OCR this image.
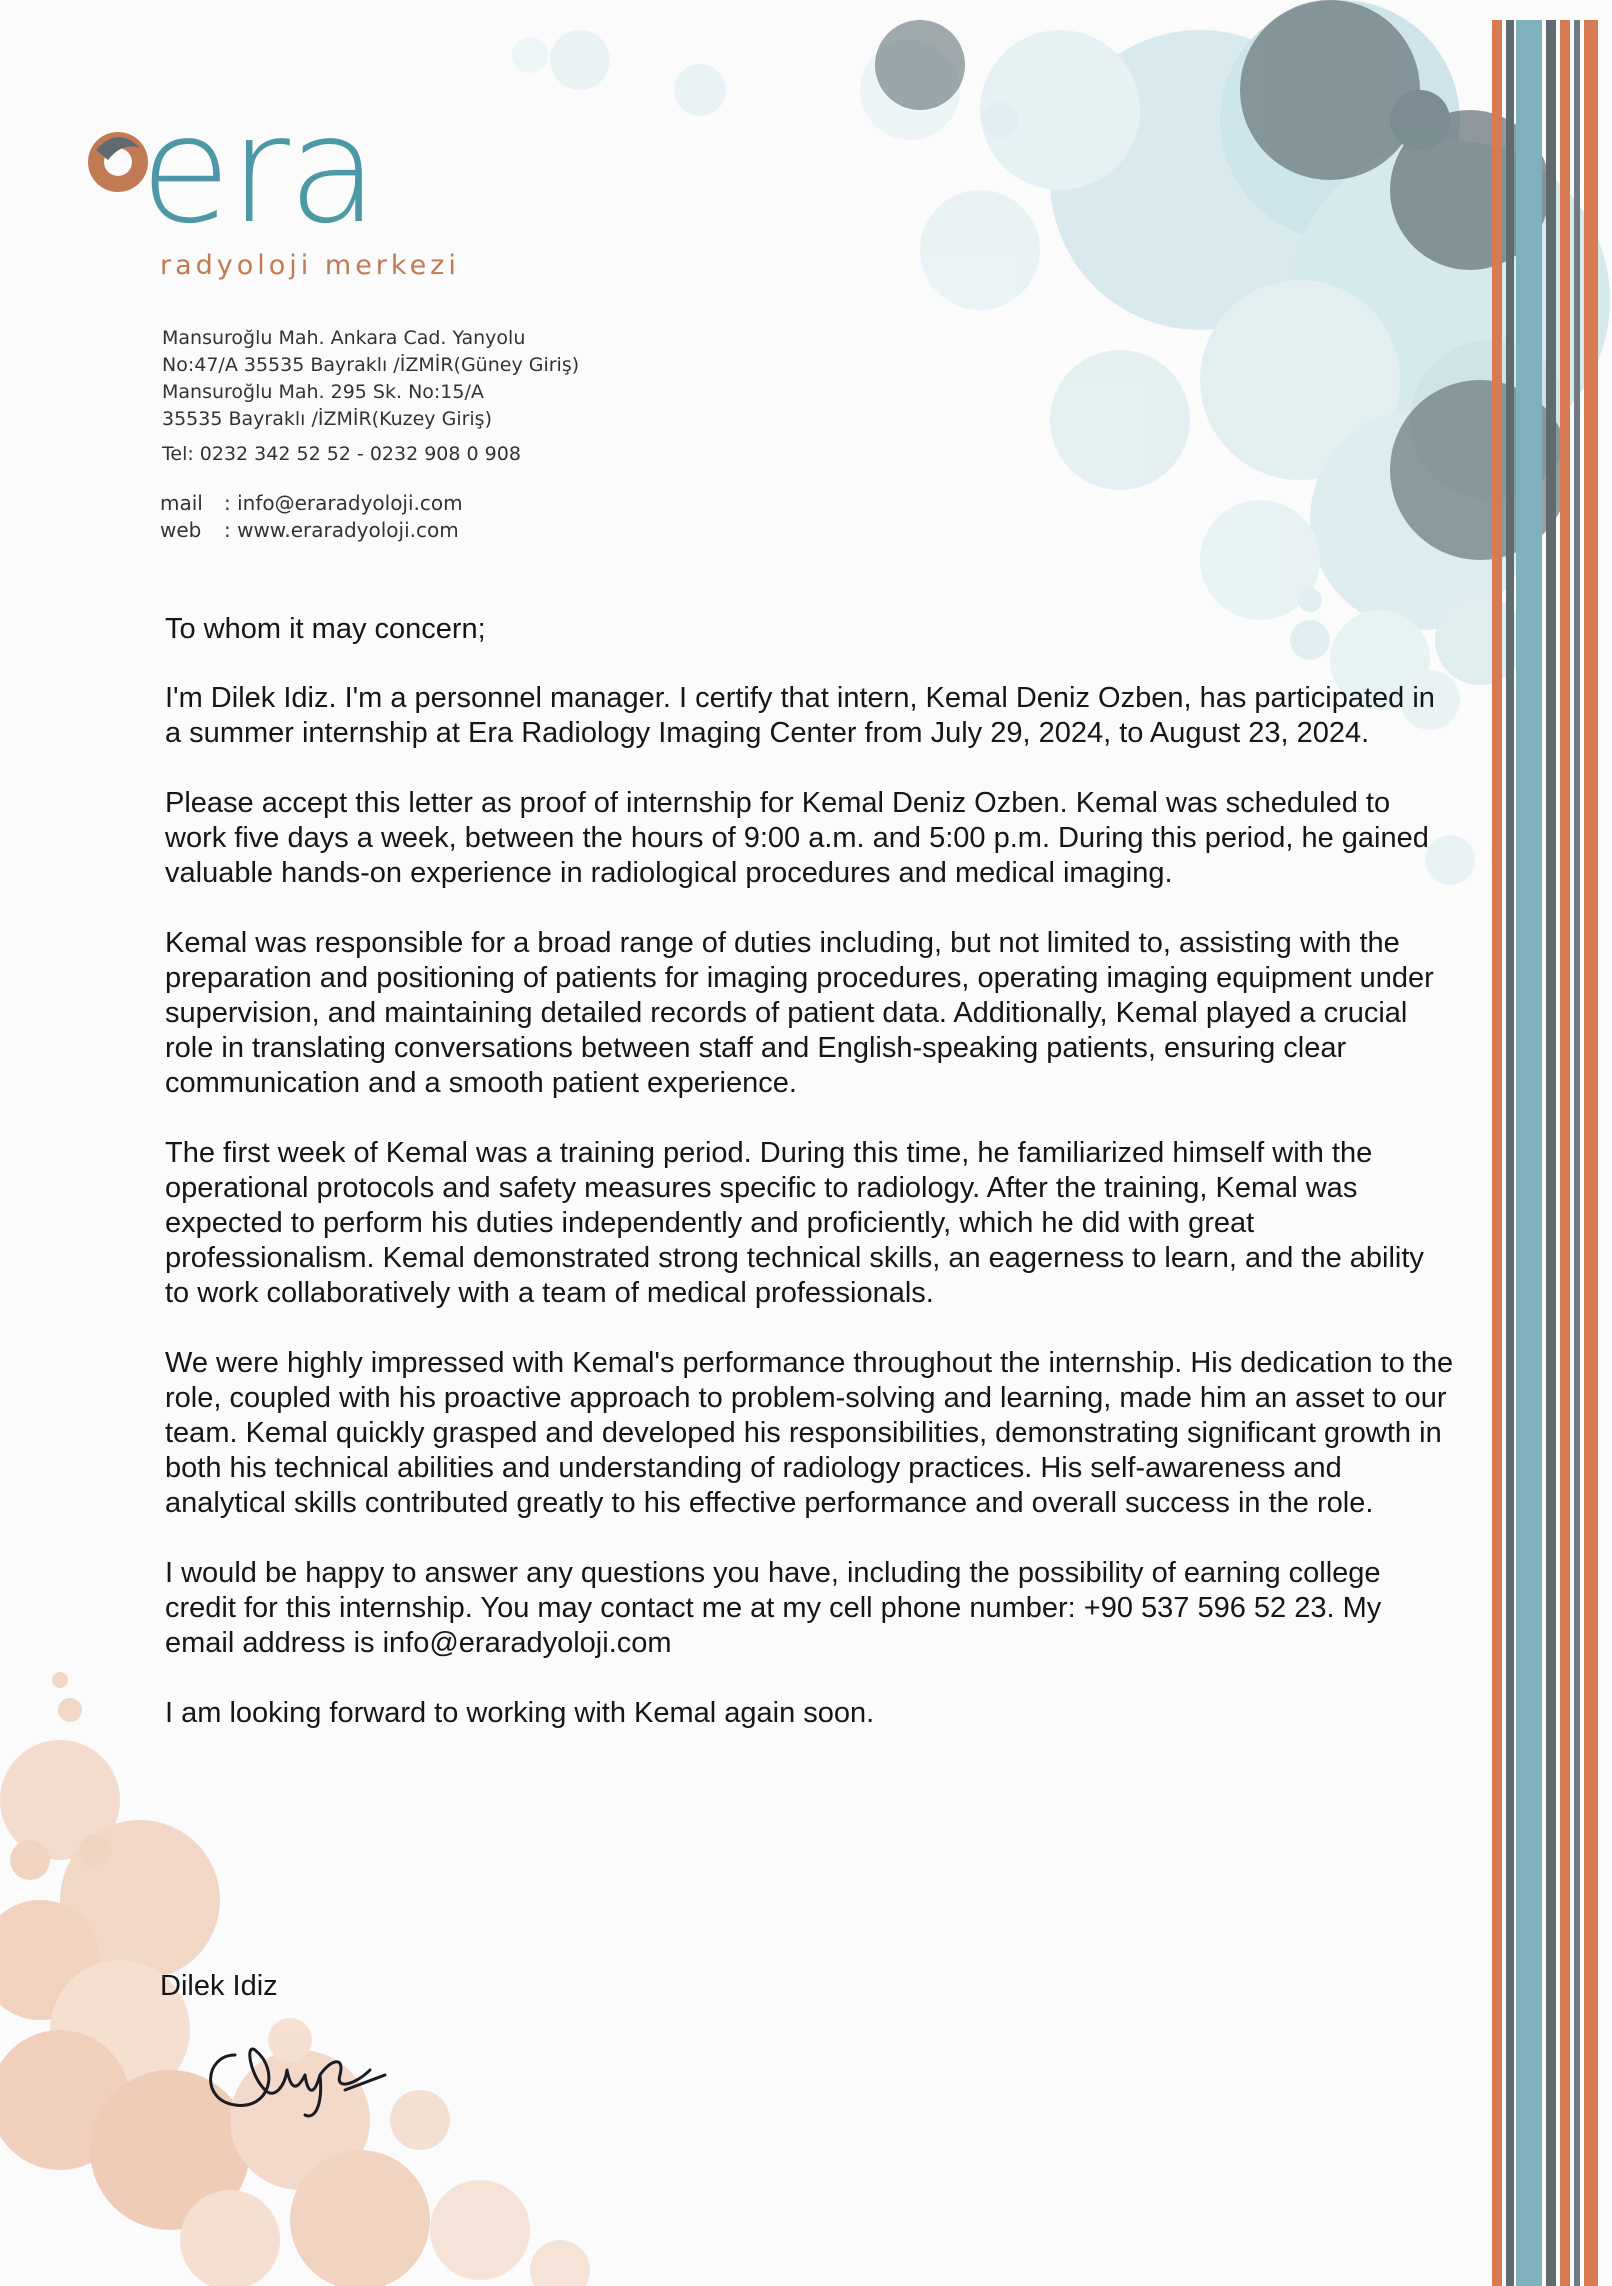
era
radyoloji merkezi
Mansuroğlu Mah. Ankara Cad. Yanyolu
No:47/A 35535 Bayraklı /İZMİR(Güney Giriş)
Mansuroğlu Mah. 295 Sk. No:15/A
35535 Bayraklı /İZMİR(Kuzey Giriş)
Tel: 0232 342 52 52 - 0232 908 0 908
mail : info@eraradyoloji.com
web : www.eraradyoloji.com

To whom it may concern;

I'm Dilek Idiz. I'm a personnel manager. I certify that intern, Kemal Deniz Ozben, has participated in a summer internship at Era Radiology Imaging Center from July 29, 2024, to August 23, 2024.

Please accept this letter as proof of internship for Kemal Deniz Ozben. Kemal was scheduled to work five days a week, between the hours of 9:00 a.m. and 5:00 p.m. During this period, he gained valuable hands-on experience in radiological procedures and medical imaging.

Kemal was responsible for a broad range of duties including, but not limited to, assisting with the preparation and positioning of patients for imaging procedures, operating imaging equipment under supervision, and maintaining detailed records of patient data. Additionally, Kemal played a crucial role in translating conversations between staff and English-speaking patients, ensuring clear communication and a smooth patient experience.

The first week of Kemal was a training period. During this time, he familiarized himself with the operational protocols and safety measures specific to radiology. After the training, Kemal was expected to perform his duties independently and proficiently, which he did with great professionalism. Kemal demonstrated strong technical skills, an eagerness to learn, and the ability to work collaboratively with a team of medical professionals.

We were highly impressed with Kemal's performance throughout the internship. His dedication to the role, coupled with his proactive approach to problem-solving and learning, made him an asset to our team. Kemal quickly grasped and developed his responsibilities, demonstrating significant growth in both his technical abilities and understanding of radiology practices. His self-awareness and analytical skills contributed greatly to his effective performance and overall success in the role.

I would be happy to answer any questions you have, including the possibility of earning college credit for this internship. You may contact me at my cell phone number: +90 537 596 52 23. My email address is info@eraradyoloji.com

I am looking forward to working with Kemal again soon.

Dilek Idiz
